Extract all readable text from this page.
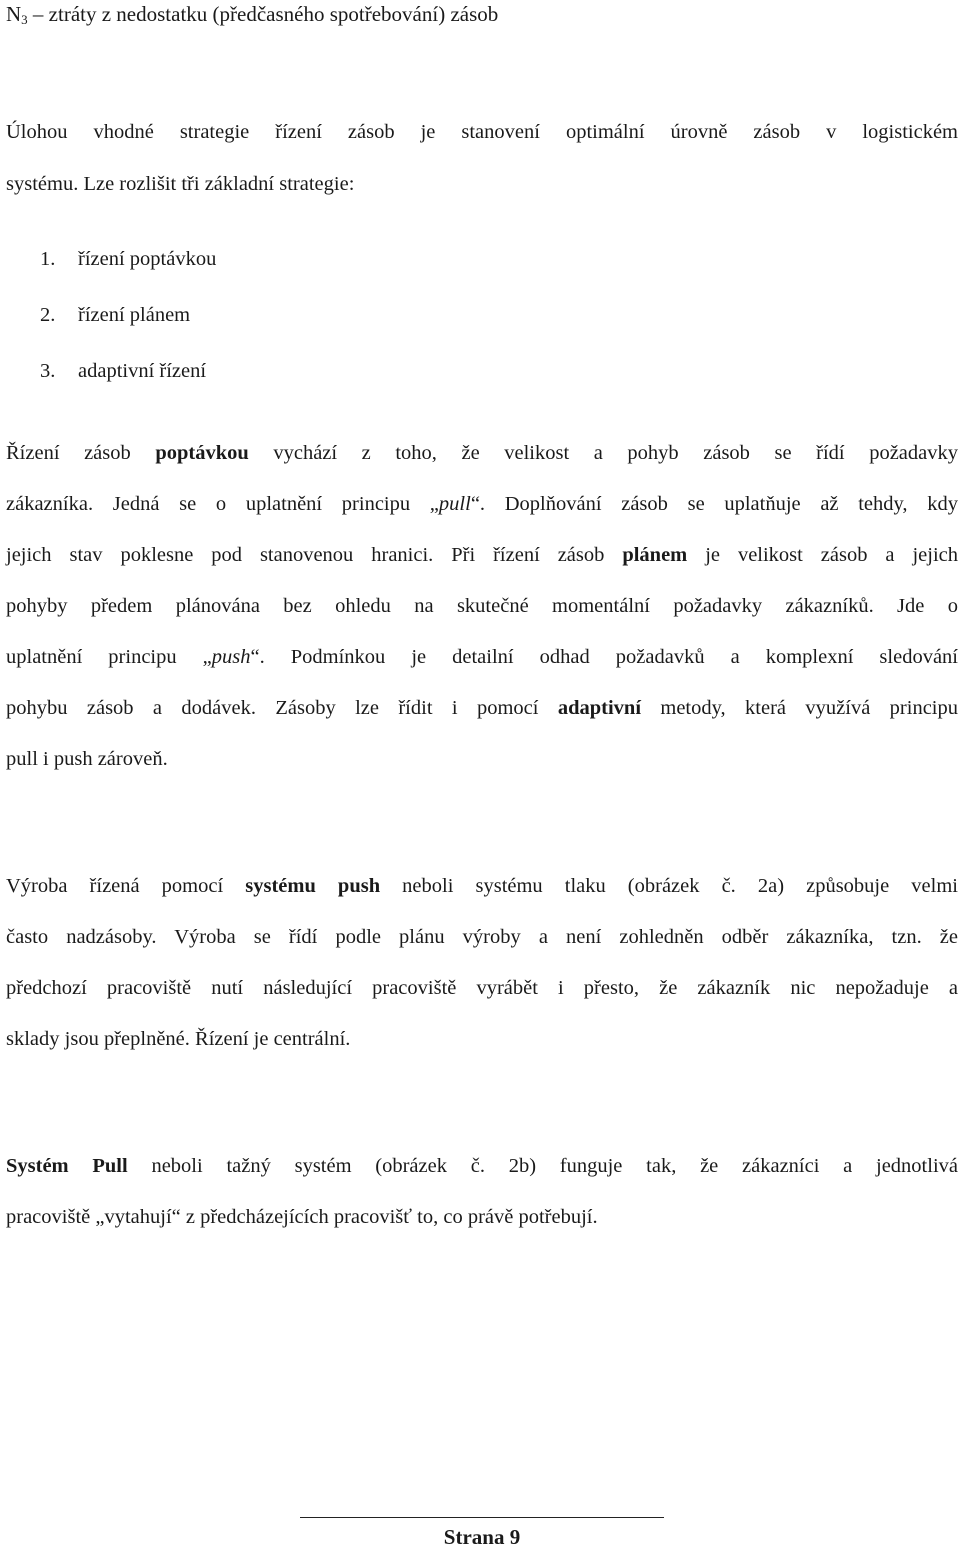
$N_3$ – ztráty z nedostatku (předčasného spotřebování) zásob
Úlohou vhodné strategie řízení zásob je stanovení optimální úrovně zásob v logistickém
systému. Lze rozlišit tři základní strategie:
1. řízení poptávkou
2. řízení plánem
3. adaptivní řízení
Řízení zásob poptávkou vychází z toho, že velikost a pohyb zásob se řídí požadavky
zákazníka. Jedná se o uplatnění principu „pull“. Doplňování zásob se uplatňuje až tehdy, kdy
jejich stav poklesne pod stanovenou hranici. Při řízení zásob plánem je velikost zásob a jejich
pohyby předem plánována bez ohledu na skutečné momentální požadavky zákazníků. Jde o
uplatnění principu „push“. Podmínkou je detailní odhad požadavků a komplexní sledování
pohybu zásob a dodávek. Zásoby lze řídit i pomocí adaptivní metody, která využívá principu
pull i push zároveň.
Výroba řízená pomocí systému push neboli systému tlaku (obrázek č. 2a) způsobuje velmi
často nadzásoby. Výroba se řídí podle plánu výroby a není zohledněn odběr zákazníka, tzn. že
předchozí pracoviště nutí následující pracoviště vyrábět i přesto, že zákazník nic nepožaduje a
sklady jsou přeplněné. Řízení je centrální.
Systém Pull neboli tažný systém (obrázek č. 2b) funguje tak, že zákazníci a jednotlivá
pracoviště „vytahují“ z předcházejících pracovišť to, co právě potřebují.
Strana 9
